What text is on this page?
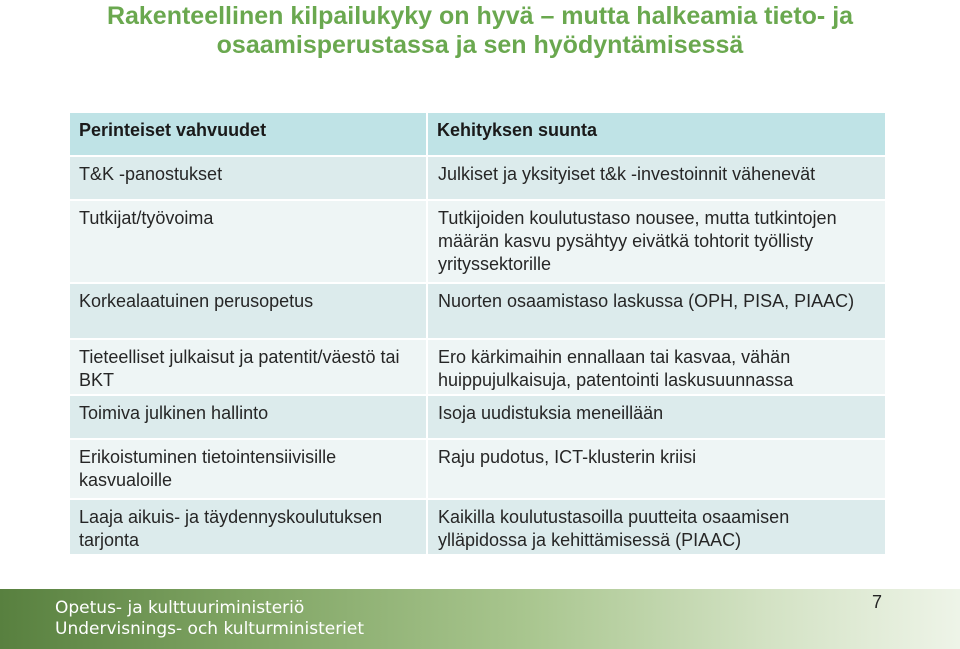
Rakenteellinen kilpailukyky on hyvä – mutta halkeamia tieto- ja
osaamisperustassa ja sen hyödyntämisessä
Perinteiset vahvuudet	Kehityksen suunta
T&K -panostukset	Julkiset ja yksityiset t&k -investoinnit vähenevät
Tutkijat/työvoima	Tutkijoiden koulutustaso nousee, mutta tutkintojen määrän kasvu pysähtyy eivätkä tohtorit työllisty yrityssektorille
Korkealaatuinen perusopetus	Nuorten osaamistaso laskussa (OPH, PISA, PIAAC)
Tieteelliset julkaisut ja patentit/väestö tai BKT	Ero kärkimaihin ennallaan tai kasvaa, vähän huippujulkaisuja, patentointi laskusuunnassa
Toimiva julkinen hallinto	Isoja uudistuksia meneillään
Erikoistuminen tietointensiivisille kasvualoille	Raju pudotus, ICT-klusterin kriisi
Laaja aikuis- ja täydennyskoulutuksen tarjonta	Kaikilla koulutustasoilla puutteita osaamisen ylläpidossa ja kehittämisessä (PIAAC)
Opetus- ja kulttuuriministeriö
Undervisnings- och kulturministeriet
7
